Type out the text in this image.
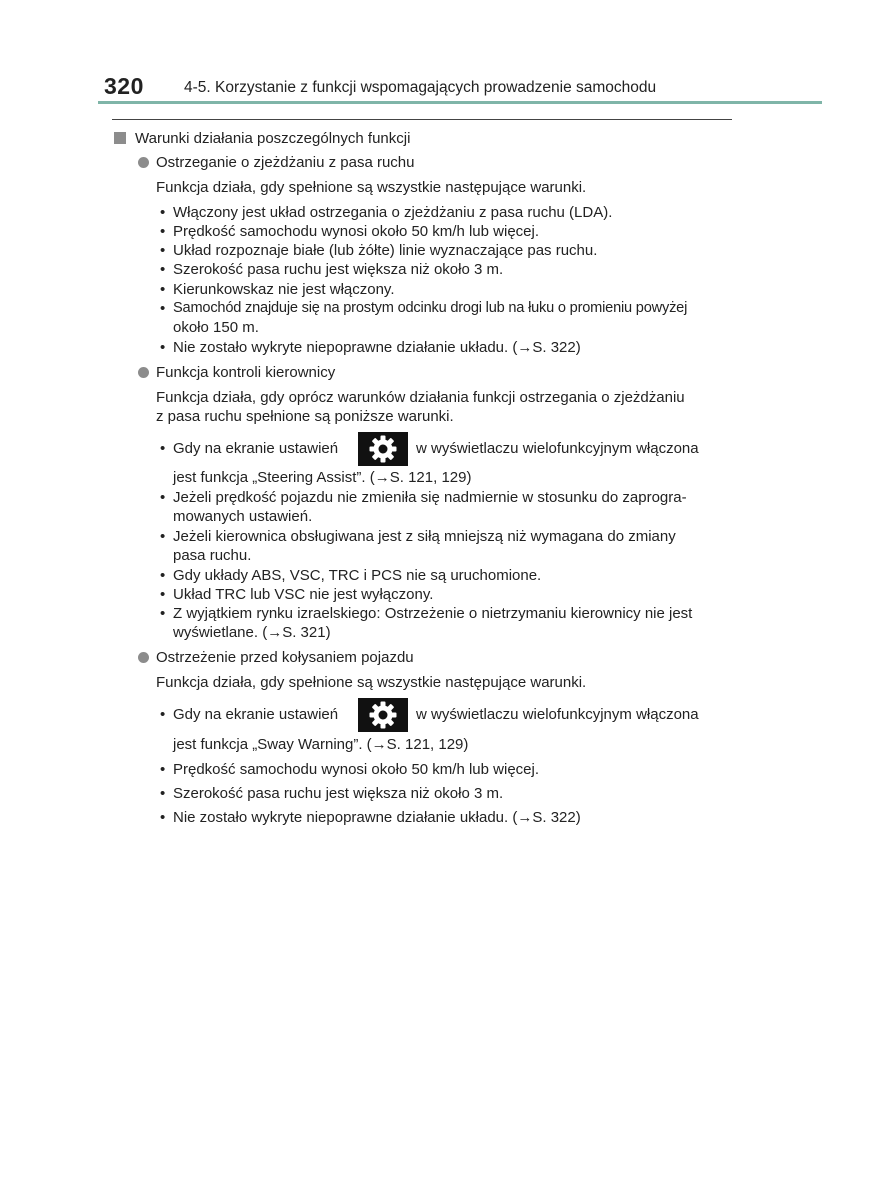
320	4-5. Korzystanie z funkcji wspomagających prowadzenie samochodu
Warunki działania poszczególnych funkcji
Ostrzeganie o zjeżdżaniu z pasa ruchu
Funkcja działa, gdy spełnione są wszystkie następujące warunki.
• Włączony jest układ ostrzegania o zjeżdżaniu z pasa ruchu (LDA).
• Prędkość samochodu wynosi około 50 km/h lub więcej.
• Układ rozpoznaje białe (lub żółte) linie wyznaczające pas ruchu.
• Szerokość pasa ruchu jest większa niż około 3 m.
• Kierunkowskaz nie jest włączony.
• Samochód znajduje się na prostym odcinku drogi lub na łuku o promieniu powyżej
około 150 m.
• Nie zostało wykryte niepoprawne działanie układu. (→S. 322)
Funkcja kontroli kierownicy
Funkcja działa, gdy oprócz warunków działania funkcji ostrzegania o zjeżdżaniu
z pasa ruchu spełnione są poniższe warunki.
• Gdy na ekranie ustawień	w wyświetlaczu wielofunkcyjnym włączona
jest funkcja „Steering Assist”. (→S. 121, 129)
• Jeżeli prędkość pojazdu nie zmieniła się nadmiernie w stosunku do zaprogra-
mowanych ustawień.
• Jeżeli kierownica obsługiwana jest z siłą mniejszą niż wymagana do zmiany
pasa ruchu.
• Gdy układy ABS, VSC, TRC i PCS nie są uruchomione.
• Układ TRC lub VSC nie jest wyłączony.
• Z wyjątkiem rynku izraelskiego: Ostrzeżenie o nietrzymaniu kierownicy nie jest
wyświetlane. (→S. 321)
Ostrzeżenie przed kołysaniem pojazdu
Funkcja działa, gdy spełnione są wszystkie następujące warunki.
• Gdy na ekranie ustawień	w wyświetlaczu wielofunkcyjnym włączona
jest funkcja „Sway Warning”. (→S. 121, 129)
• Prędkość samochodu wynosi około 50 km/h lub więcej.
• Szerokość pasa ruchu jest większa niż około 3 m.
• Nie zostało wykryte niepoprawne działanie układu. (→S. 322)
